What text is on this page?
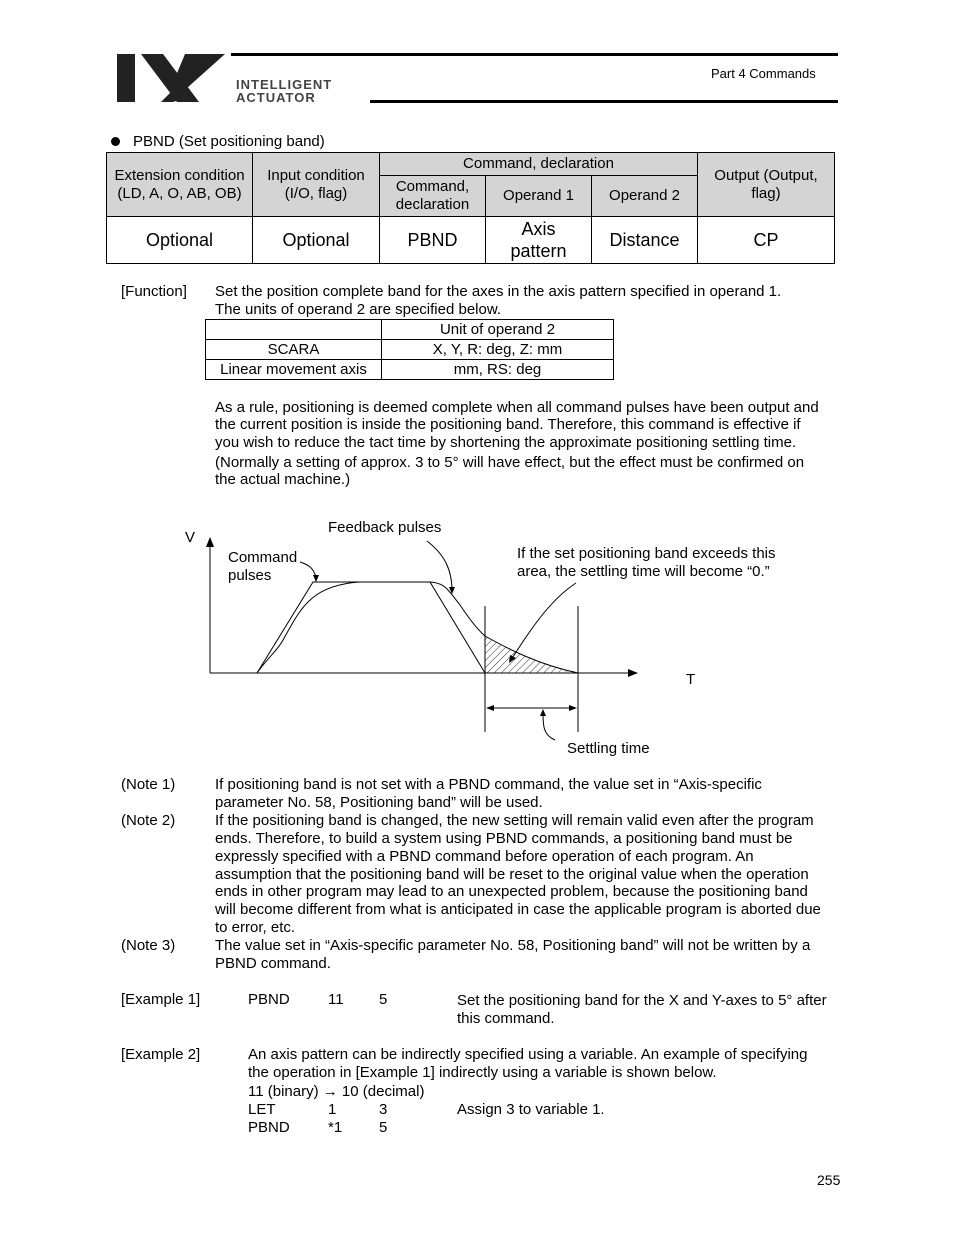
INTELLIGENT
ACTUATOR
Part 4 Commands
PBND (Set positioning band)
Extension condition (LD, A, O, AB, OB)	Input condition (I/O, flag)	Command, declaration			Output (Output, flag)
		Command, declaration	Operand 1	Operand 2	
Optional	Optional	PBND	Axis pattern	Distance	CP
[Function] Set the position complete band for the axes in the axis pattern specified in operand 1.
The units of operand 2 are specified below.
	Unit of operand 2
SCARA	X, Y, R: deg, Z: mm
Linear movement axis	mm, RS: deg
As a rule, positioning is deemed complete when all command pulses have been output and
the current position is inside the positioning band. Therefore, this command is effective if
you wish to reduce the tact time by shortening the approximate positioning settling time.
(Normally a setting of approx. 3 to 5° will have effect, but the effect must be confirmed on
the actual machine.)
V
T
Feedback pulses
Command
pulses
If the set positioning band exceeds this
area, the settling time will become “0.”
Settling time
(Note 1)	If positioning band is not set with a PBND command, the value set in “Axis-specific
parameter No. 58, Positioning band” will be used.
(Note 2)	If the positioning band is changed, the new setting will remain valid even after the program
ends. Therefore, to build a system using PBND commands, a positioning band must be
expressly specified with a PBND command before operation of each program. An
assumption that the positioning band will be reset to the original value when the operation
ends in other program may lead to an unexpected problem, because the positioning band
will become different from what is anticipated in case the applicable program is aborted due
to error, etc.
(Note 3)	The value set in “Axis-specific parameter No. 58, Positioning band” will not be written by a
PBND command.
[Example 1]	PBND	11 5	Set the positioning band for the X and Y-axes to 5° after
this command.
[Example 2]	An axis pattern can be indirectly specified using a variable. An example of specifying
the operation in [Example 1] indirectly using a variable is shown below.
11 (binary) → 10 (decimal)
LET	1	3	Assign 3 to variable 1.
PBND	*1 5
255
